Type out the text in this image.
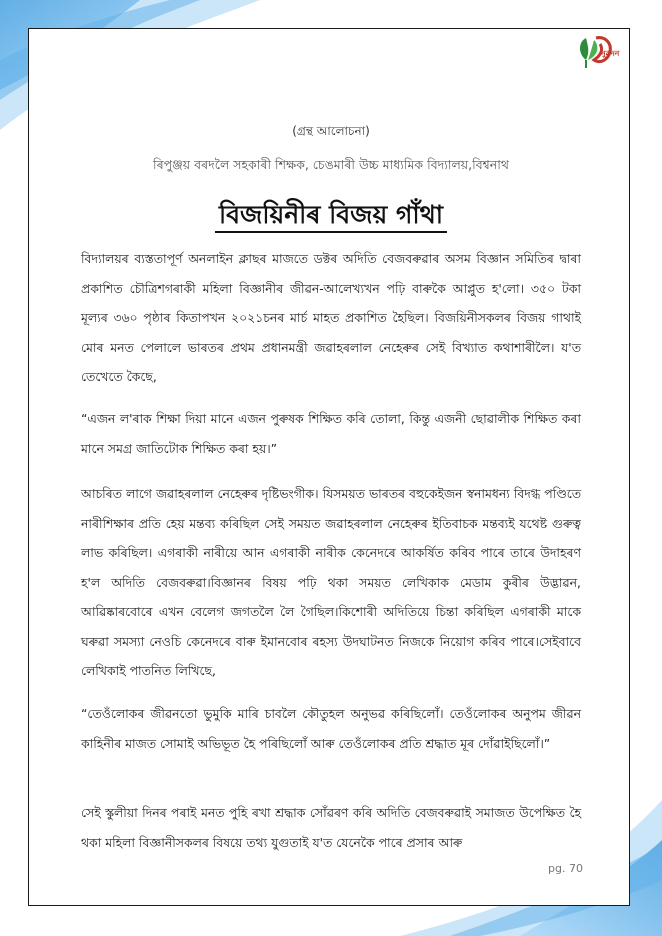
নুৱদন
(গ্ৰন্থ আলোচনা)
ৰিপুঞ্জয় বৰদলৈ সহকাৰী শিক্ষক, চেঙমাৰী উচ্চ মাধ্যমিক বিদ্যালয়,বিশ্বনাথ
বিজয়িনীৰ বিজয় গাঁথা
বিদ্যালয়ৰ ব্যস্ততাপূৰ্ণ অনলাইন ক্লাছৰ মাজতে ডক্টৰ অদিতি বেজবৰুৱাৰ অসম বিজ্ঞান সমিতিৰ দ্বাৰা প্ৰকাশিত চৌত্ৰিশগৰাকী মহিলা বিজ্ঞানীৰ জীৱন-আলেখ্যখন পঢ়ি বাৰুকৈ আপ্লুত হ'লো। ৩৫০ টকা মূল্যৰ ৩৬০ পৃষ্ঠাৰ কিতাপখন ২০২১চনৰ মাৰ্চ মাহত প্ৰকাশিত হৈছিল। বিজয়িনীসকলৰ বিজয় গাথাই মোৰ মনত পেলালে ভাৰতৰ প্ৰথম প্ৰধানমন্ত্ৰী জৱাহৰলাল নেহেৰুৰ সেই বিখ্যাত কথাশাৰীলৈ। য'ত তেখেতে কৈছে,
“এজন ল'ৰাক শিক্ষা দিয়া মানে এজন পুৰুষক শিক্ষিত কৰি তোলা, কিন্তু এজনী ছোৱালীক শিক্ষিত কৰা মানে সমগ্ৰ জাতিটোক শিক্ষিত কৰা হয়।”
আচৰিত লাগে জৱাহৰলাল নেহেৰুৰ দৃষ্টিভংগীক। যিসময়ত ভাৰতৰ বহুকেইজন স্বনামধন্য বিদগ্ধ পণ্ডিতে নাৰীশিক্ষাৰ প্ৰতি হেয় মন্তব্য কৰিছিল সেই সময়ত জৱাহৰলাল নেহেৰুৰ ইতিবাচক মন্তব্যই যথেষ্ট গুৰুত্ব লাভ কৰিছিল। এগৰাকী নাৰীয়ে আন এগৰাকী নাৰীক কেনেদৰে আকৰ্ষিত কৰিব পাৰে তাৰে উদাহৰণ হ'ল অদিতি বেজবৰুৱা।বিজ্ঞানৰ বিষয় পঢ়ি থকা সময়ত লেখিকাক মেডাম কুৰীৰ উদ্ভাৱন, আৱিষ্কাৰবোৰে এখন বেলেগ জগতলৈ লৈ গৈছিল।কিশোৰী অদিতিয়ে চিন্তা কৰিছিল এগৰাকী মাকে ঘৰুৱা সমস্যা নেওচি কেনেদৰে বাৰু ইমানবোৰ ৰহস্য উদঘাটনত নিজকে নিয়োগ কৰিব পাৰে।সেইবাবে লেখিকাই পাতনিত লিখিছে,
“তেওঁলোকৰ জীৱনতো ভুমুকি মাৰি চাবলৈ কৌতুহল অনুভৱ কৰিছিলোঁ। তেওঁলোকৰ অনুপম জীৱন কাহিনীৰ মাজত সোমাই অভিভূত হৈ পৰিছিলোঁ আৰু তেওঁলোকৰ প্ৰতি শ্ৰদ্ধাত মূৰ দোঁৱাইছিলোঁ।”
সেই স্কুলীয়া দিনৰ পৰাই মনত পুহি ৰখা শ্ৰদ্ধাক সোঁৱৰণ কৰি অদিতি বেজবৰুৱাই সমাজত উপেক্ষিত হৈ থকা মহিলা বিজ্ঞানীসকলৰ বিষয়ে তথ্য যুগুতাই য'ত যেনেকৈ পাৰে প্ৰসাৰ আৰু
pg. 70
